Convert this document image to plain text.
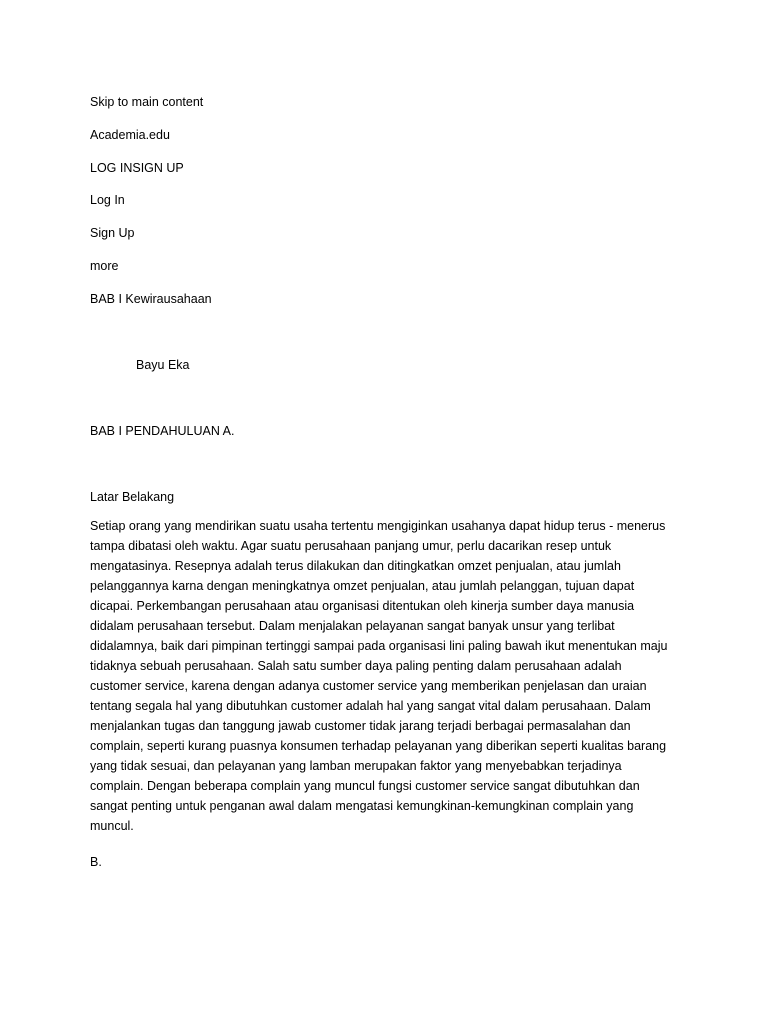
Skip to main content

Academia.edu

LOG INSIGN UP

Log In

Sign Up

more

BAB I Kewirausahaan

Bayu Eka

BAB I PENDAHULUAN A.

Latar Belakang

Setiap orang yang mendirikan suatu usaha tertentu mengiginkan usahanya dapat hidup terus - menerus tampa dibatasi oleh waktu. Agar suatu perusahaan panjang umur, perlu dacarikan resep untuk mengatasinya. Resepnya adalah terus dilakukan dan ditingkatkan omzet penjualan, atau jumlah pelanggannya karna dengan meningkatnya omzet penjualan, atau jumlah pelanggan, tujuan dapat dicapai. Perkembangan perusahaan atau organisasi ditentukan oleh kinerja sumber daya manusia didalam perusahaan tersebut. Dalam menjalakan pelayanan sangat banyak unsur yang terlibat didalamnya, baik dari pimpinan tertinggi sampai pada organisasi lini paling bawah ikut menentukan maju tidaknya sebuah perusahaan. Salah satu sumber daya paling penting dalam perusahaan adalah customer service, karena dengan adanya customer service yang memberikan penjelasan dan uraian tentang segala hal yang dibutuhkan customer adalah hal yang sangat vital dalam perusahaan. Dalam menjalankan tugas dan tanggung jawab customer tidak jarang terjadi berbagai permasalahan dan complain, seperti kurang puasnya konsumen terhadap pelayanan yang diberikan seperti kualitas barang yang tidak sesuai, dan pelayanan yang lamban merupakan faktor yang menyebabkan terjadinya complain. Dengan beberapa complain yang muncul fungsi customer service sangat dibutuhkan dan sangat penting untuk penganan awal dalam mengatasi kemungkinan-kemungkinan complain yang muncul.

B.
